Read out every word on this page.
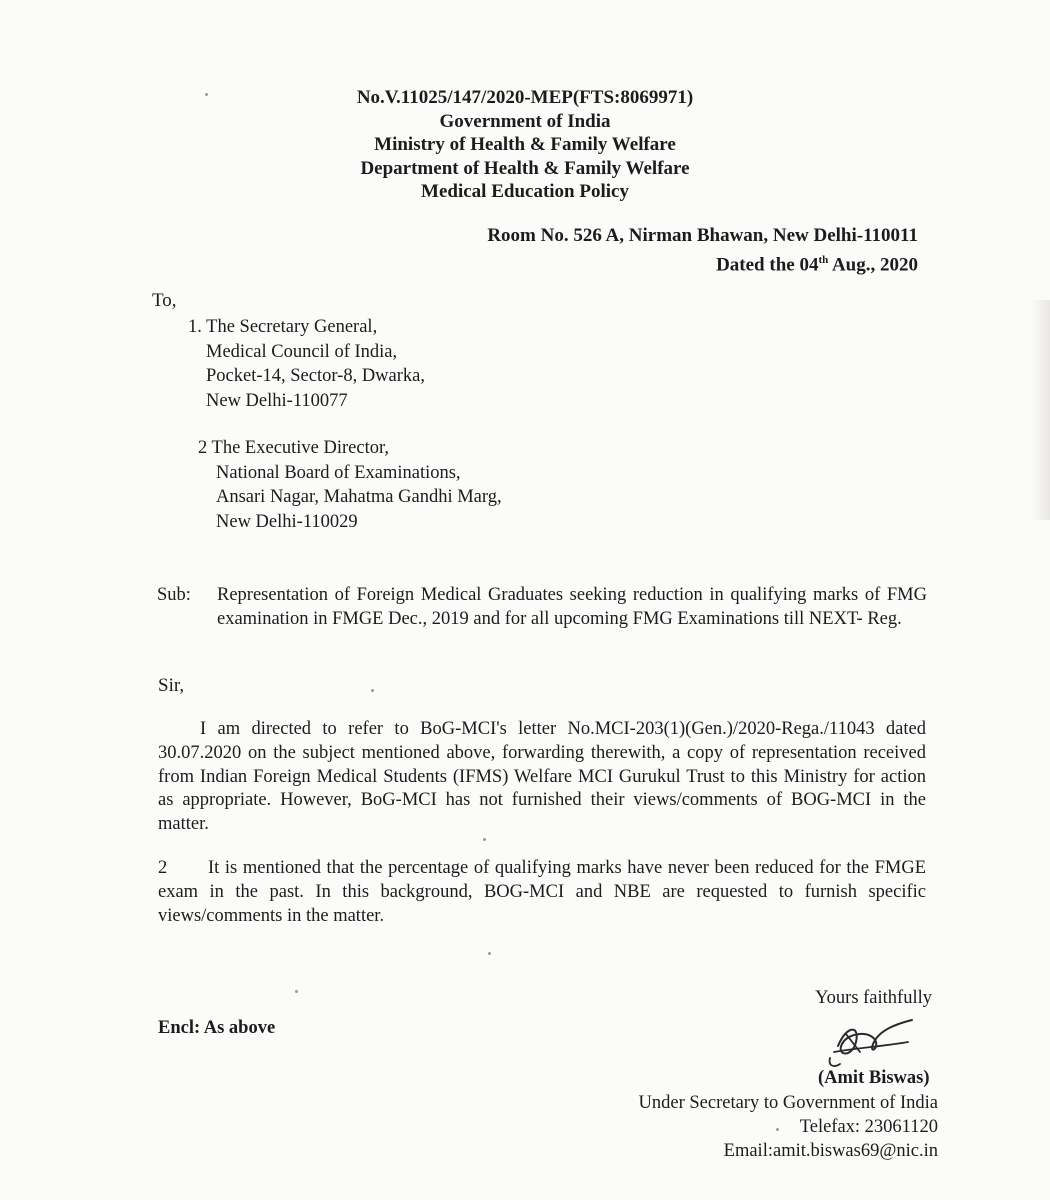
No.V.11025/147/2020-MEP(FTS:8069971)
Government of India
Ministry of Health & Family Welfare
Department of Health & Family Welfare
Medical Education Policy
Room No. 526 A, Nirman Bhawan, New Delhi-110011
Dated the 04th Aug., 2020
To,
1. The Secretary General,
Medical Council of India,
Pocket-14, Sector-8, Dwarka,
New Delhi-110077
2 The Executive Director,
National Board of Examinations,
Ansari Nagar, Mahatma Gandhi Marg,
New Delhi-110029
Sub:	Representation of Foreign Medical Graduates seeking reduction in qualifying marks of FMG examination in FMGE Dec., 2019 and for all upcoming FMG Examinations till NEXT- Reg.
Sir,
I am directed to refer to BoG-MCI's letter No.MCI-203(1)(Gen.)/2020-Rega./11043 dated 30.07.2020 on the subject mentioned above, forwarding therewith, a copy of representation received from Indian Foreign Medical Students (IFMS) Welfare MCI Gurukul Trust to this Ministry for action as appropriate. However, BoG-MCI has not furnished their views/comments of BOG-MCI in the matter.
2 It is mentioned that the percentage of qualifying marks have never been reduced for the FMGE exam in the past. In this background, BOG-MCI and NBE are requested to furnish specific views/comments in the matter.
Encl: As above
Yours faithfully
(Amit Biswas)
Under Secretary to Government of India
Telefax: 23061120
Email:amit.biswas69@nic.in
